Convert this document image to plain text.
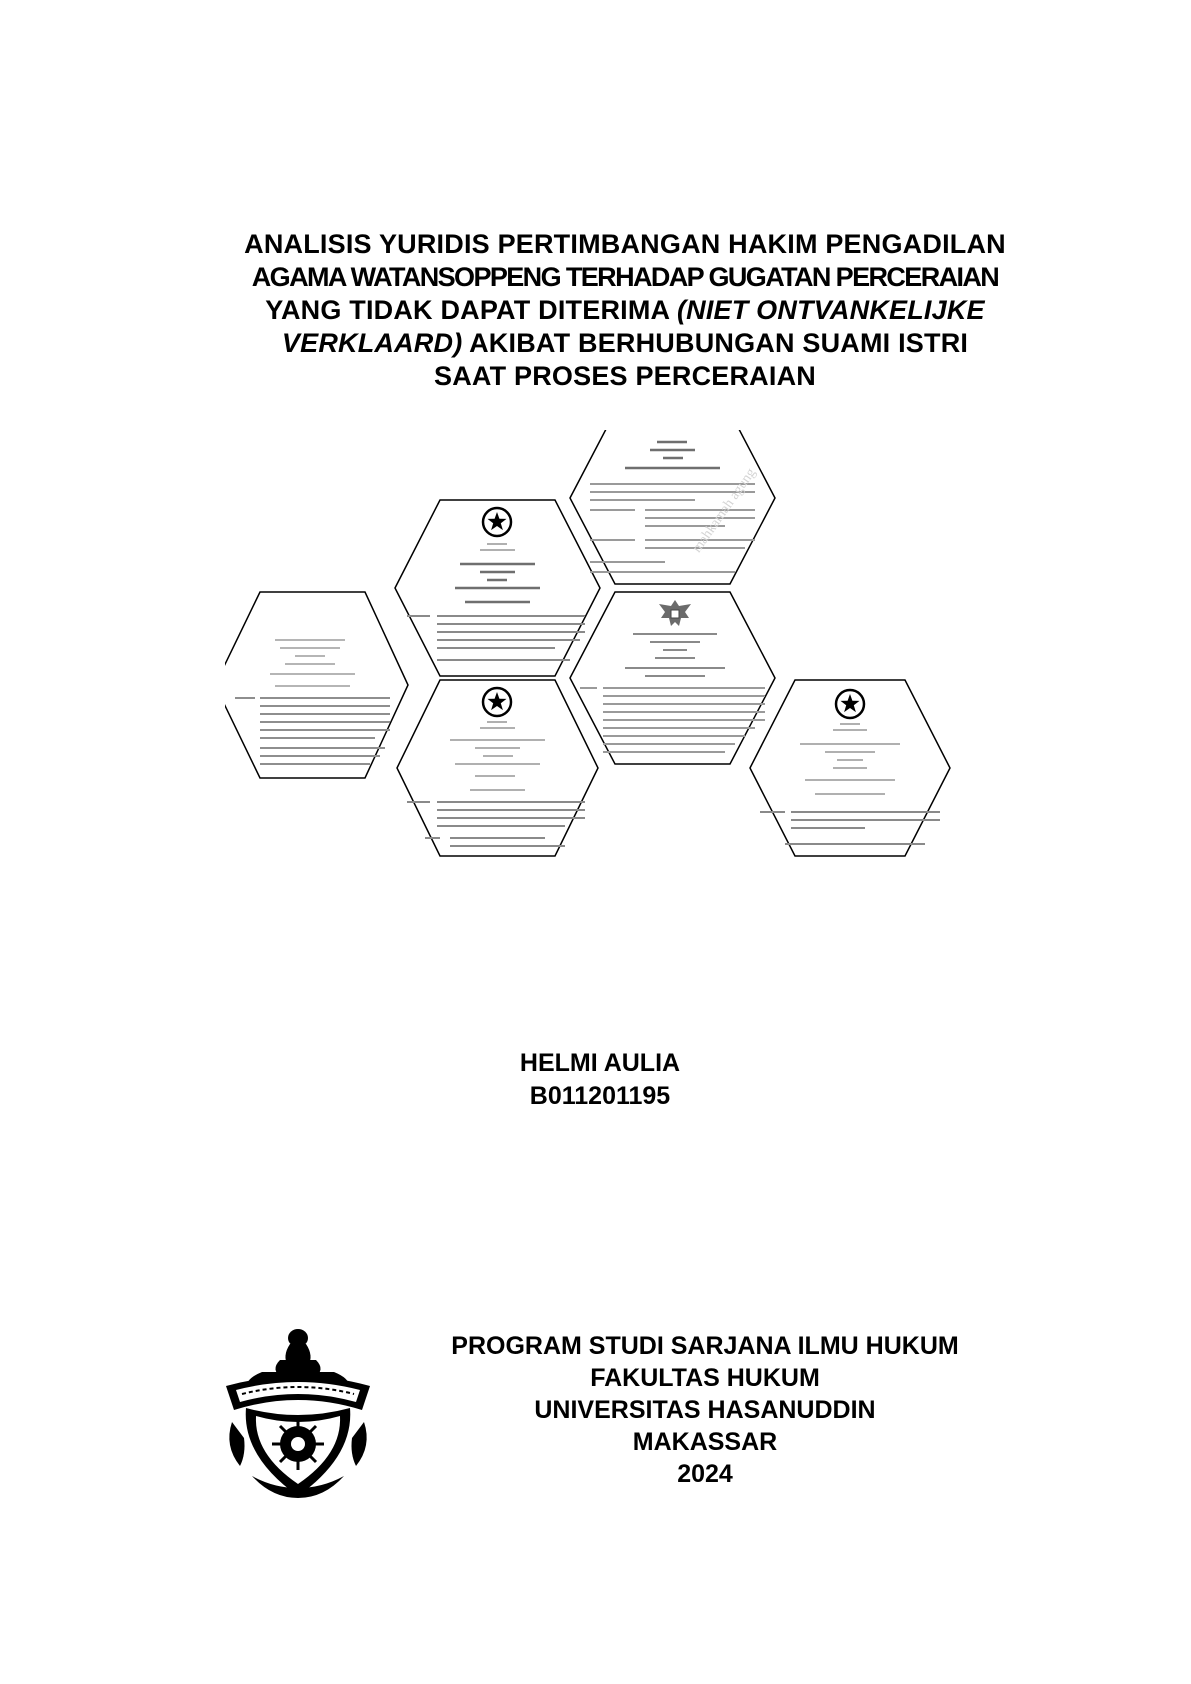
ANALISIS YURIDIS PERTIMBANGAN HAKIM PENGADILAN
AGAMA WATANSOPPENG TERHADAP GUGATAN PERCERAIAN
YANG TIDAK DAPAT DITERIMA (NIET ONTVANKELIJKE
VERKLAARD) AKIBAT BERHUBUNGAN SUAMI ISTRI
SAAT PROSES PERCERAIAN
mahkamah agung
HELMI AULIA
B011201195
PROGRAM STUDI SARJANA ILMU HUKUM
FAKULTAS HUKUM
UNIVERSITAS HASANUDDIN
MAKASSAR
2024
